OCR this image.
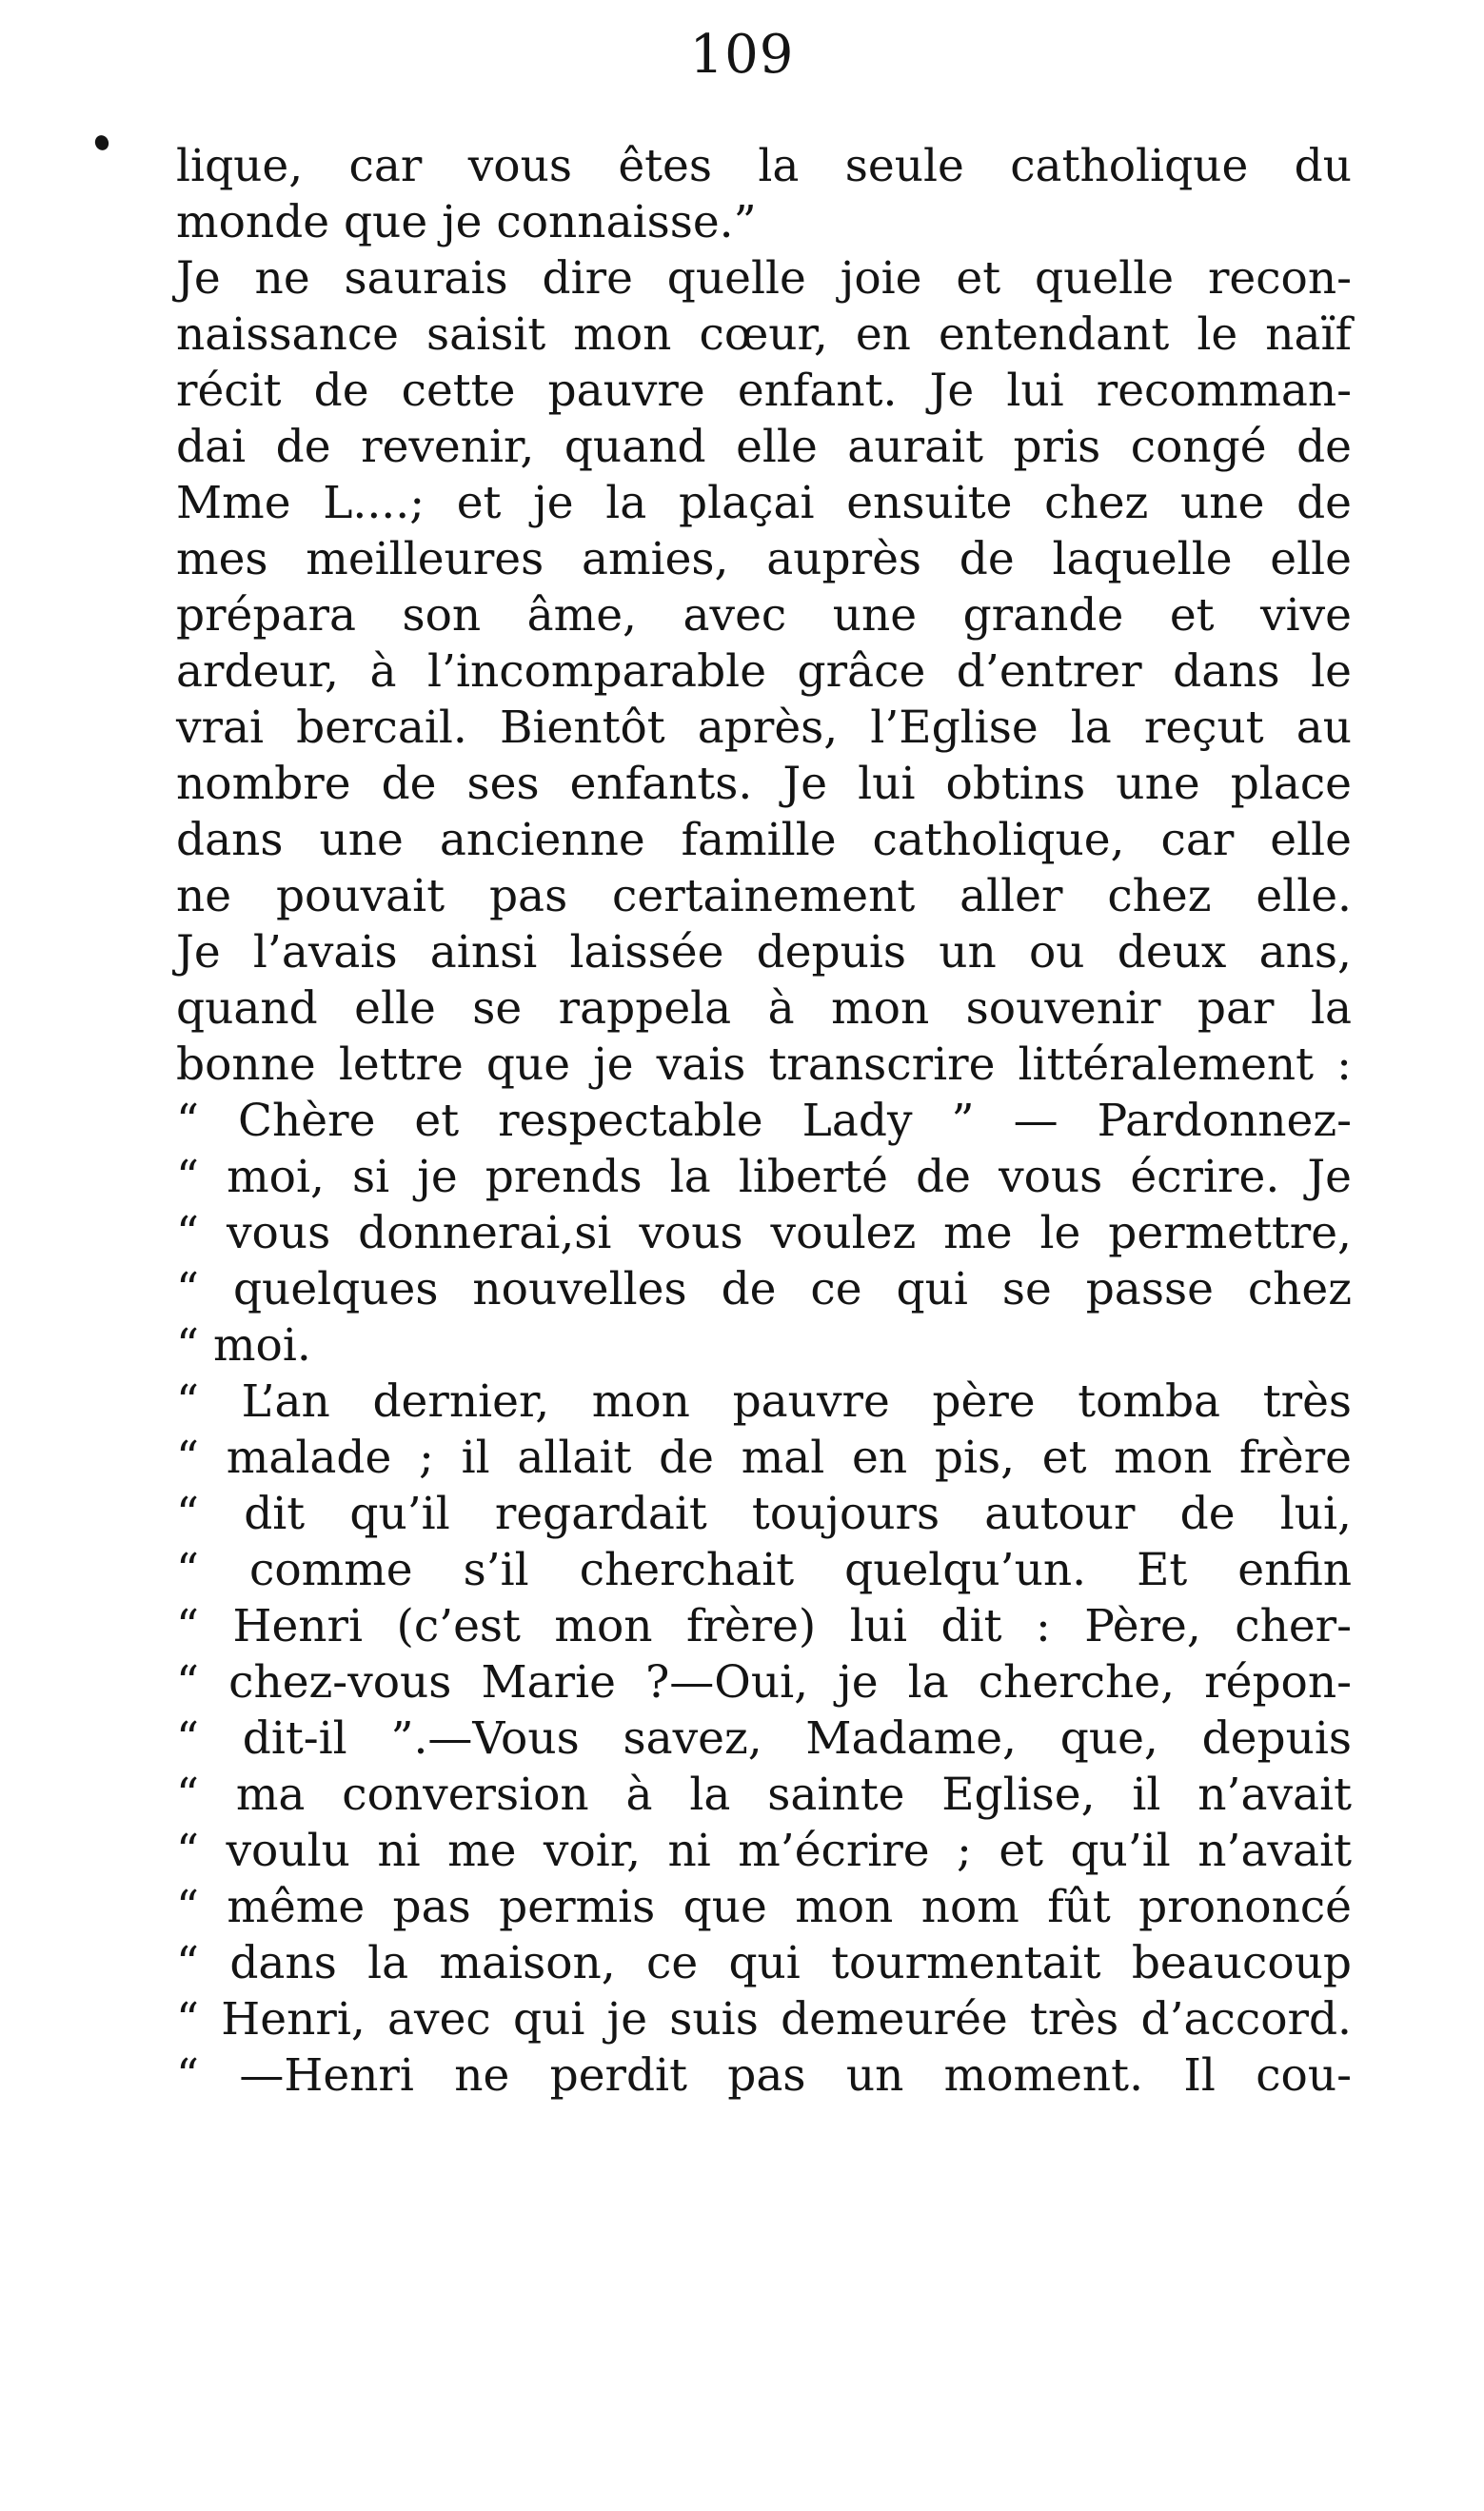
109
lique, car vous êtes la seule catholique du
monde que je connaisse.”
Je ne saurais dire quelle joie et quelle recon-
naissance saisit mon cœur, en entendant le naïf
récit de cette pauvre enfant. Je lui recomman-
dai de revenir, quand elle aurait pris congé de
Mme L....; et je la plaçai ensuite chez une de
mes meilleures amies, auprès de laquelle elle
prépara son âme, avec une grande et vive
ardeur, à l’incomparable grâce d’entrer dans le
vrai bercail. Bientôt après, l’Eglise la reçut au
nombre de ses enfants. Je lui obtins une place
dans une ancienne famille catholique, car elle
ne pouvait pas certainement aller chez elle.
Je l’avais ainsi laissée depuis un ou deux ans,
quand elle se rappela à mon souvenir par la
bonne lettre que je vais transcrire littéralement :
“ Chère et respectable Lady ” — Pardonnez-
“ moi, si je prends la liberté de vous écrire. Je
“ vous donnerai,si vous voulez me le permettre,
“ quelques nouvelles de ce qui se passe chez
“ moi.
“ L’an dernier, mon pauvre père tomba très
“ malade ; il allait de mal en pis, et mon frère
“ dit qu’il regardait toujours autour de lui,
“ comme s’il cherchait quelqu’un. Et enfin
“ Henri (c’est mon frère) lui dit : Père, cher-
“ chez-vous Marie ?—Oui, je la cherche, répon-
“ dit-il ”.—Vous savez, Madame, que, depuis
“ ma conversion à la sainte Eglise, il n’avait
“ voulu ni me voir, ni m’écrire ; et qu’il n’avait
“ même pas permis que mon nom fût prononcé
“ dans la maison, ce qui tourmentait beaucoup
“ Henri, avec qui je suis demeurée très d’accord.
“ —Henri ne perdit pas un moment. Il cou-
